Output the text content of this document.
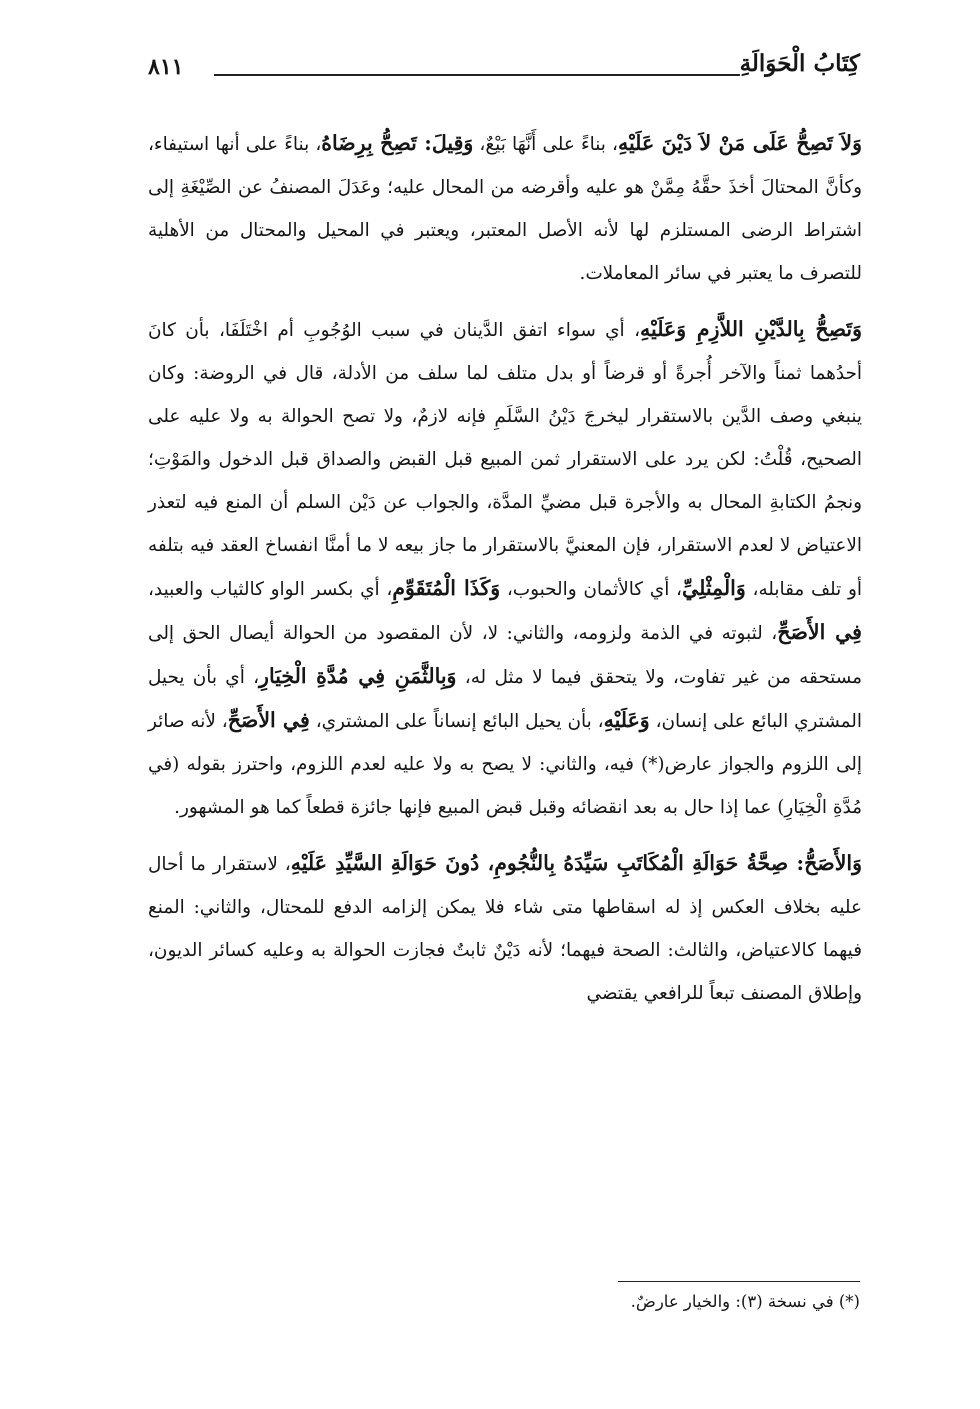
كِتَابُ الْحَوَالَةِ
٨١١

وَلاَ تَصِحُّ عَلَى مَنْ لاَ دَيْنَ عَلَيْهِ، بناءً على أَنَّهَا بَيْعٌ، وَقِيلَ: تَصِحُّ بِرِضَاهُ، بناءً على أنها استيفاء، وكأنَّ المحتالَ أخذَ حقَّهُ مِمَّنْ هو عليه وأقرضه من المحال عليه؛ وعَدَلَ المصنفُ عن الصِّيْغَةِ إلى اشتراط الرضى المستلزم لها لأنه الأصل المعتبر، ويعتبر في المحيل والمحتال من الأهلية للتصرف ما يعتبر في سائر المعاملات.

وَتَصِحُّ بِالدَّيْنِ اللاَّزِمِ وَعَلَيْهِ، أي سواء اتفق الدَّينان في سبب الوُجُوبِ أم اخْتَلَفَا، بأن كانَ أحدُهما ثمناً والآخر أُجرةً أو قرضاً أو بدل متلف لما سلف من الأدلة، قال في الروضة: وكان ينبغي وصف الدَّين بالاستقرار ليخرجَ دَيْنُ السَّلَمِ فإنه لازمٌ، ولا تصح الحوالة به ولا عليه على الصحيح، قُلْتُ: لكن يرد على الاستقرار ثمن المبيع قبل القبض والصداق قبل الدخول والمَوْتِ؛ ونجمُ الكتابةِ المحال به والأجرة قبل مضيِّ المدَّة، والجواب عن دَيْن السلم أن المنع فيه لتعذر الاعتياض لا لعدم الاستقرار، فإن المعنيَّ بالاستقرار ما جاز بيعه لا ما أمنَّا انفساخ العقد فيه بتلفه أو تلف مقابله، وَالْمِثْلِيِّ، أي كالأثمان والحبوب، وَكَذَا الْمُتَقَوِّمِ، أي بكسر الواو كالثياب والعبيد، فِي الأَصَحِّ، لثبوته في الذمة ولزومه، والثاني: لا، لأن المقصود من الحوالة أيصال الحق إلى مستحقه من غير تفاوت، ولا يتحقق فيما لا مثل له، وَبِالثَّمَنِ فِي مُدَّةِ الْخِيَارِ، أي بأن يحيل المشتري البائع على إنسان، وَعَلَيْهِ، بأن يحيل البائع إنساناً على المشتري، فِي الأَصَحِّ، لأنه صائر إلى اللزوم والجواز عارض(*) فيه، والثاني: لا يصح به ولا عليه لعدم اللزوم، واحترز بقوله (في مُدَّةِ الْخِيَارِ) عما إذا حال به بعد انقضائه وقبل قبض المبيع فإنها جائزة قطعاً كما هو المشهور.

وَالأَصَحُّ: صِحَّةُ حَوَالَةِ الْمُكَاتَبِ سَيِّدَهُ بِالنُّجُومِ، دُونَ حَوَالَةِ السَّيِّدِ عَلَيْهِ، لاستقرار ما أحال عليه بخلاف العكس إذ له اسقاطها متى شاء فلا يمكن إلزامه الدفع للمحتال، والثاني: المنع فيهما كالاعتياض، والثالث: الصحة فيهما؛ لأنه دَيْنٌ ثابتٌ فجازت الحوالة به وعليه كسائر الديون، وإطلاق المصنف تبعاً للرافعي يقتضي

(*) في نسخة (٣): والخيار عارضٌ.
